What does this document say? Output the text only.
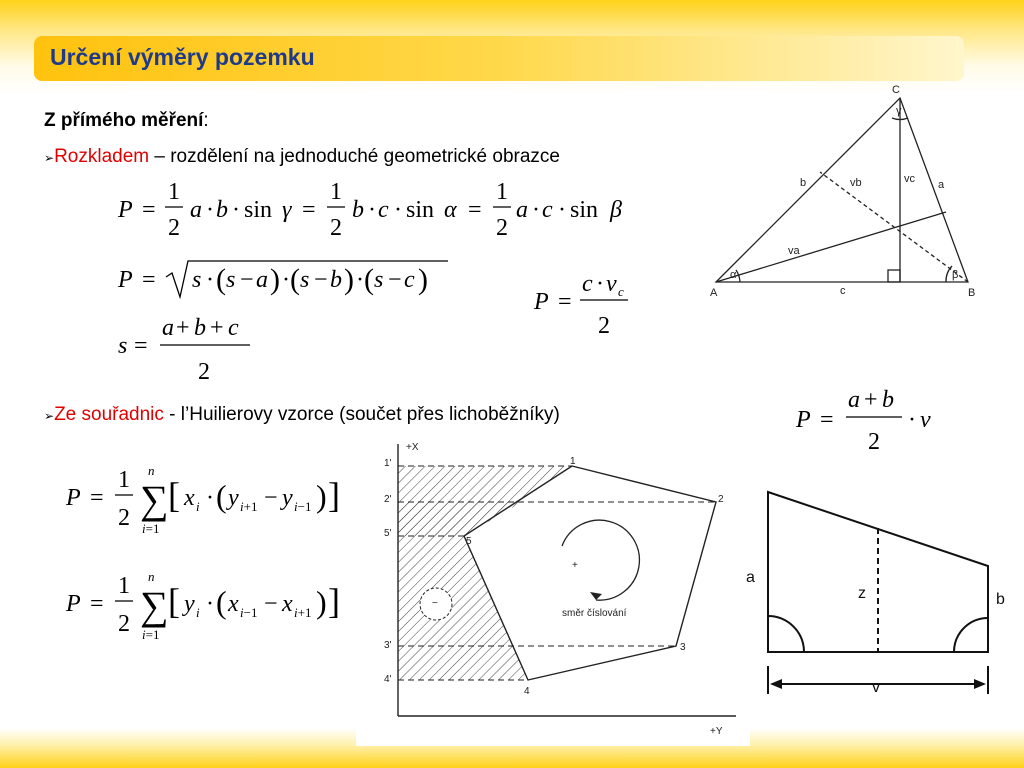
Určení výměry pozemku
Z přímého měření:
➢Rozkladem – rozdělení na jednoduché geometrické obrazce
P =
1
2
a · b · sin γ =
1
2
b · c · sin α =
1
2
a · c · sin β
P = s · ( s − a ) · ( s − b ) · ( s − c )
s =
a + b + c
2
P =
c · v c
2
C
A	B
b	a
c
α	β
γ
va
vb	vc
➢Ze souřadnic - l’Huilierovy vzorce (součet přes lichoběžníky)	P =
a + b
2
· v
P =
1
2 ∑
n
i=1
[ x i · ( y i+1 − y i−1 ) ]
P =
1
2 ∑
n
i=1
[ y i · ( x i−1 − x i+1 ) ]
+X
+Y
1
2
3
4
5
1'
2'
5'
3'
4'
+
−
směr číslování
a
b
z
v
